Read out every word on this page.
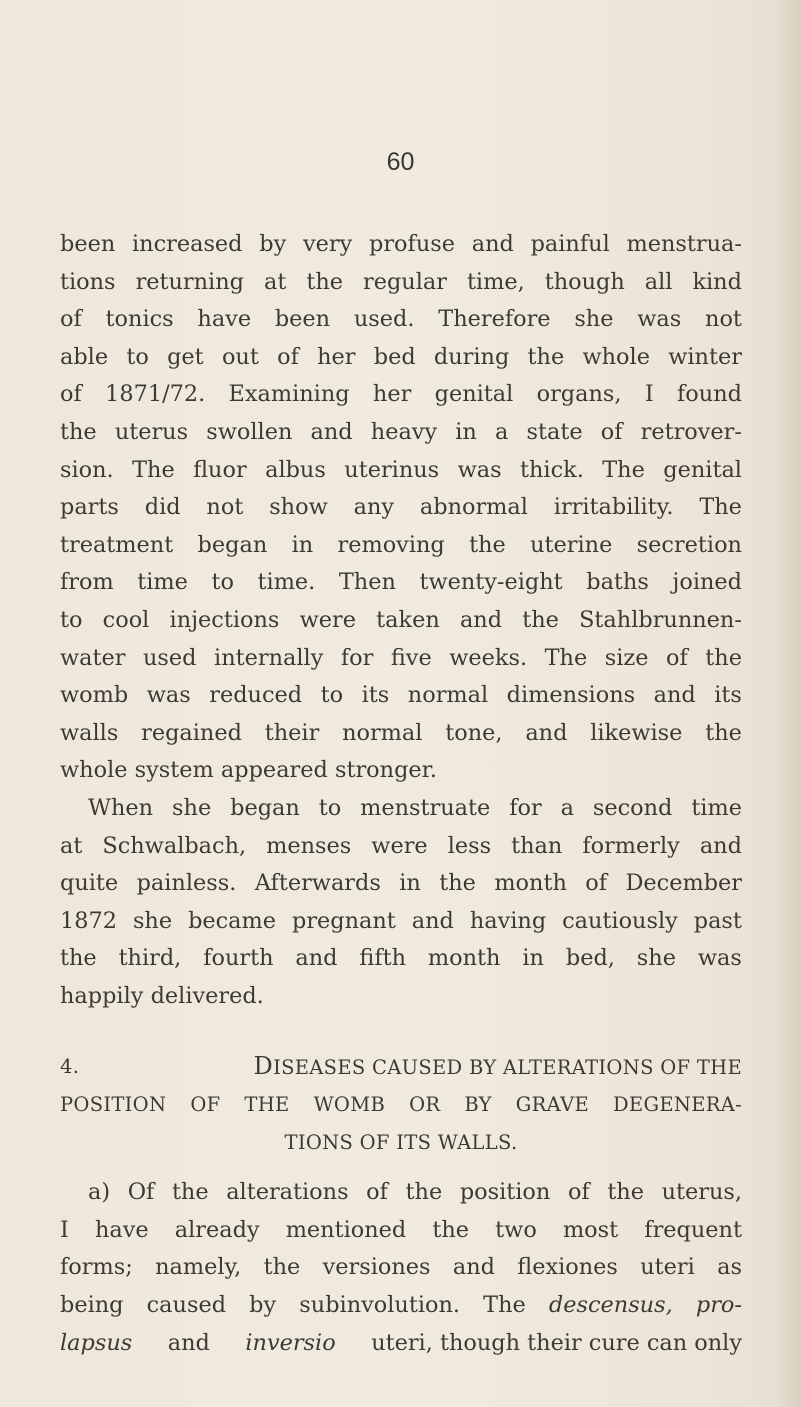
60
been increased by very profuse and painful menstrua-
tions returning at the regular time, though all kind
of tonics have been used. Therefore she was not
able to get out of her bed during the whole winter
of 1871/72. Examining her genital organs, I found
the uterus swollen and heavy in a state of retrover-
sion. The fluor albus uterinus was thick. The genital
parts did not show any abnormal irritability. The
treatment began in removing the uterine secretion
from time to time. Then twenty-eight baths joined
to cool injections were taken and the Stahlbrunnen-
water used internally for five weeks. The size of the
womb was reduced to its normal dimensions and its
walls regained their normal tone, and likewise the
whole system appeared stronger.
When she began to menstruate for a second time
at Schwalbach, menses were less than formerly and
quite painless. Afterwards in the month of December
1872 she became pregnant and having cautiously past
the third, fourth and fifth month in bed, she was
happily delivered.
4.	DISEASES CAUSED BY ALTERATIONS OF THE
POSITION OF THE WOMB OR BY GRAVE DEGENERA-
TIONS OF ITS WALLS.
a) Of the alterations of the position of the uterus,
I have already mentioned the two most frequent
forms; namely, the versiones and flexiones uteri as
being caused by subinvolution. The descensus, pro-
lapsus and inversio uteri, though their cure can only
